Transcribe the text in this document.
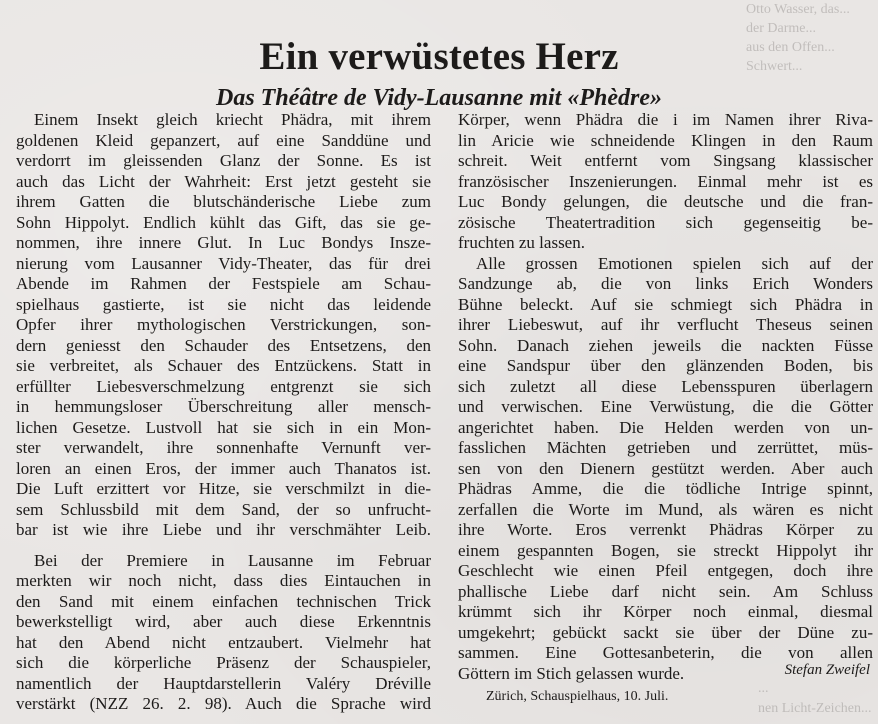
Otto Wasser, das...
der Darme...
aus den Offen...
Schwert...
Ein verwüstetes Herz
Das Théâtre de Vidy-Lausanne mit «Phèdre»
Einem Insekt gleich kriecht Phädra, mit ihrem
goldenen Kleid gepanzert, auf eine Sanddüne und
verdorrt im gleissenden Glanz der Sonne. Es ist
auch das Licht der Wahrheit: Erst jetzt gesteht sie
ihrem Gatten die blutschänderische Liebe zum
Sohn Hippolyt. Endlich kühlt das Gift, das sie ge-
nommen, ihre innere Glut. In Luc Bondys Insze-
nierung vom Lausanner Vidy-Theater, das für drei
Abende im Rahmen der Festspiele am Schau-
spielhaus gastierte, ist sie nicht das leidende
Opfer ihrer mythologischen Verstrickungen, son-
dern geniesst den Schauder des Entsetzens, den
sie verbreitet, als Schauer des Entzückens. Statt in
erfüllter Liebesverschmelzung entgrenzt sie sich
in hemmungsloser Überschreitung aller mensch-
lichen Gesetze. Lustvoll hat sie sich in ein Mon-
ster verwandelt, ihre sonnenhafte Vernunft ver-
loren an einen Eros, der immer auch Thanatos ist.
Die Luft erzittert vor Hitze, sie verschmilzt in die-
sem Schlussbild mit dem Sand, der so unfrucht-
bar ist wie ihre Liebe und ihr verschmähter Leib.
Bei der Premiere in Lausanne im Februar
merkten wir noch nicht, dass dies Eintauchen in
den Sand mit einem einfachen technischen Trick
bewerkstelligt wird, aber auch diese Erkenntnis
hat den Abend nicht entzaubert. Vielmehr hat
sich die körperliche Präsenz der Schauspieler,
namentlich der Hauptdarstellerin Valéry Dréville
verstärkt (NZZ 26. 2. 98). Auch die Sprache wird
Körper, wenn Phädra die i im Namen ihrer Riva-
lin Aricie wie schneidende Klingen in den Raum
schreit. Weit entfernt vom Singsang klassischer
französischer Inszenierungen. Einmal mehr ist es
Luc Bondy gelungen, die deutsche und die fran-
zösische Theatertradition sich gegenseitig be-
fruchten zu lassen.
Alle grossen Emotionen spielen sich auf der
Sandzunge ab, die von links Erich Wonders
Bühne beleckt. Auf sie schmiegt sich Phädra in
ihrer Liebeswut, auf ihr verflucht Theseus seinen
Sohn. Danach ziehen jeweils die nackten Füsse
eine Sandspur über den glänzenden Boden, bis
sich zuletzt all diese Lebensspuren überlagern
und verwischen. Eine Verwüstung, die die Götter
angerichtet haben. Die Helden werden von un-
fasslichen Mächten getrieben und zerrüttet, müs-
sen von den Dienern gestützt werden. Aber auch
Phädras Amme, die die tödliche Intrige spinnt,
zerfallen die Worte im Mund, als wären es nicht
ihre Worte. Eros verrenkt Phädras Körper zu
einem gespannten Bogen, sie streckt Hippolyt ihr
Geschlecht wie einen Pfeil entgegen, doch ihre
phallische Liebe darf nicht sein. Am Schluss
krümmt sich ihr Körper noch einmal, diesmal
umgekehrt; gebückt sackt sie über der Düne zu-
sammen. Eine Gottesanbeterin, die von allen
Göttern im Stich gelassen wurde.	Stefan Zweifel
Zürich, Schauspielhaus, 10. Juli.
...
nen Licht-Zeichen...
